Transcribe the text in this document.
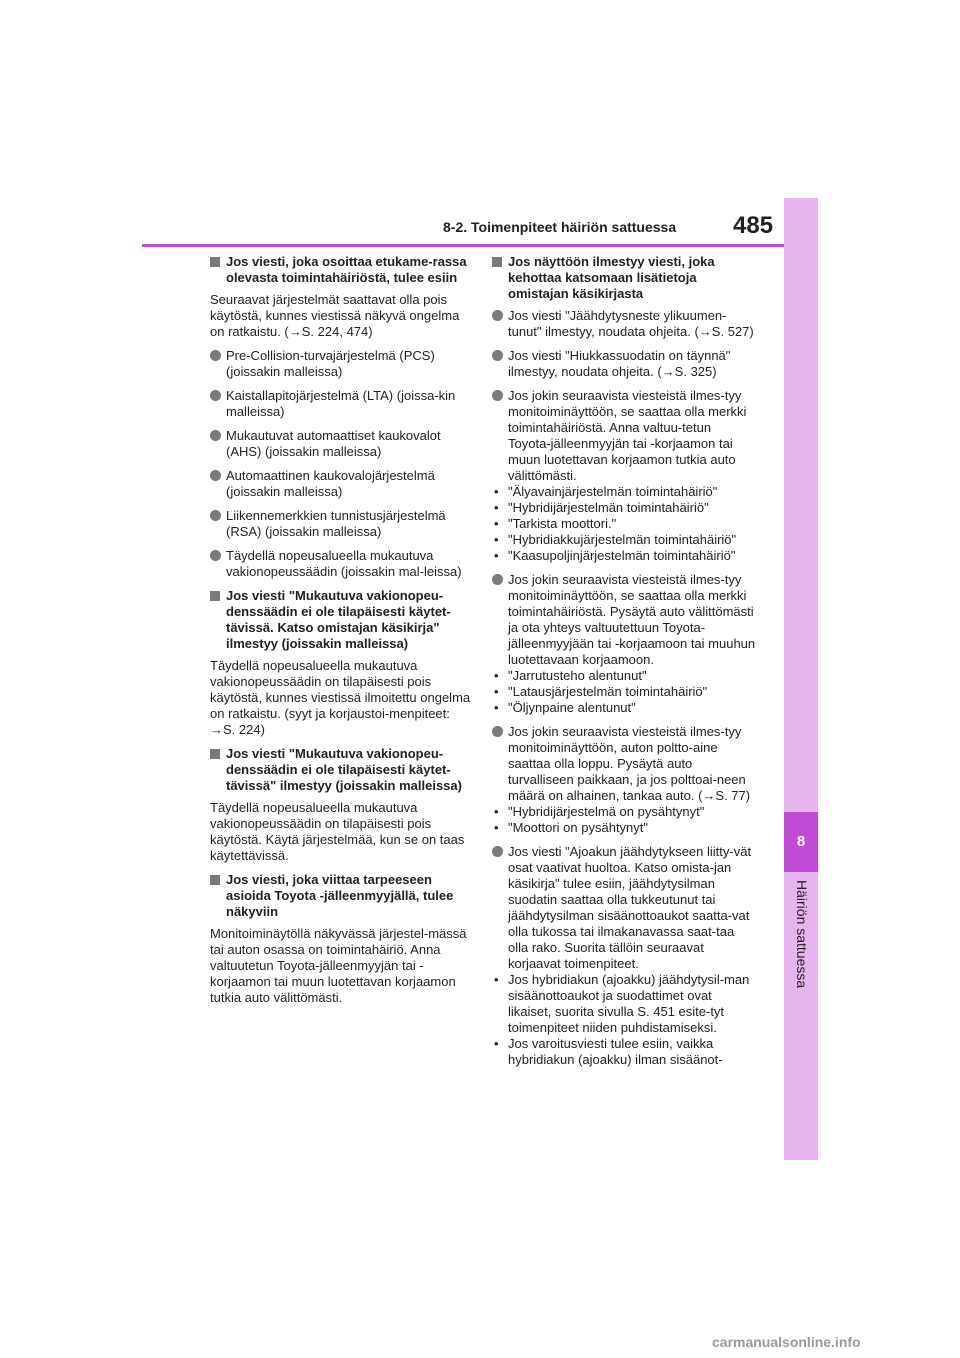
8
Häiriön sattuessa
8-2. Toimenpiteet häiriön sattuessa 485
Jos viesti, joka osoittaa etukame-rassa olevasta toimintahäiriöstä, tulee esiin
Seuraavat järjestelmät saattavat olla pois käytöstä, kunnes viestissä näkyvä ongelma on ratkaistu. (→S. 224, 474)
Pre-Collision-turvajärjestelmä (PCS) (joissakin malleissa)
Kaistallapitojärjestelmä (LTA) (joissa-kin malleissa)
Mukautuvat automaattiset kaukovalot (AHS) (joissakin malleissa)
Automaattinen kaukovalojärjestelmä (joissakin malleissa)
Liikennemerkkien tunnistusjärjestelmä (RSA) (joissakin malleissa)
Täydellä nopeusalueella mukautuva vakionopeussäädin (joissakin mal-leissa)
Jos viesti "Mukautuva vakionopeu-denssäädin ei ole tilapäisesti käytet-tävissä. Katso omistajan käsikirja" ilmestyy (joissakin malleissa)
Täydellä nopeusalueella mukautuva vakionopeussäädin on tilapäisesti pois käytöstä, kunnes viestissä ilmoitettu ongelma on ratkaistu. (syyt ja korjaustoi-menpiteet: →S. 224)
Jos viesti "Mukautuva vakionopeu-denssäädin ei ole tilapäisesti käytet-tävissä" ilmestyy (joissakin malleissa)
Täydellä nopeusalueella mukautuva vakionopeussäädin on tilapäisesti pois käytöstä. Käytä järjestelmää, kun se on taas käytettävissä.
Jos viesti, joka viittaa tarpeeseen asioida Toyota -jälleenmyyjällä, tulee näkyviin
Monitoiminäytöllä näkyvässä järjestel-mässä tai auton osassa on toimintahäiriö. Anna valtuutetun Toyota-jälleenmyyjän tai -korjaamon tai muun luotettavan korjaamon tutkia auto välittömästi.
Jos näyttöön ilmestyy viesti, joka kehottaa katsomaan lisätietoja omistajan käsikirjasta
Jos viesti "Jäähdytysneste ylikuumen-tunut" ilmestyy, noudata ohjeita. (→S. 527)
Jos viesti "Hiukkassuodatin on täynnä" ilmestyy, noudata ohjeita. (→S. 325)
Jos jokin seuraavista viesteistä ilmes-tyy monitoiminäyttöön, se saattaa olla merkki toimintahäiriöstä. Anna valtuu-tetun Toyota-jälleenmyyjän tai -korjaamon tai muun luotettavan korjaamon tutkia auto välittömästi.
• "Älyavainjärjestelmän toimintahäiriö"
• "Hybridijärjestelmän toimintahäiriö"
• "Tarkista moottori."
• "Hybridiakkujärjestelmän toimintahäiriö"
• "Kaasupoljinjärjestelmän toimintahäiriö"
Jos jokin seuraavista viesteistä ilmes-tyy monitoiminäyttöön, se saattaa olla merkki toimintahäiriöstä. Pysäytä auto välittömästi ja ota yhteys valtuutettuun Toyota-jälleenmyyjään tai -korjaamoon tai muuhun luotettavaan korjaamoon.
• "Jarrutusteho alentunut"
• "Latausjärjestelmän toimintahäiriö"
• "Öljynpaine alentunut"
Jos jokin seuraavista viesteistä ilmes-tyy monitoiminäyttöön, auton poltto-aine saattaa olla loppu. Pysäytä auto turvalliseen paikkaan, ja jos polttoai-neen määrä on alhainen, tankaa auto. (→S. 77)
• "Hybridijärjestelmä on pysähtynyt"
• "Moottori on pysähtynyt"
Jos viesti "Ajoakun jäähdytykseen liitty-vät osat vaativat huoltoa. Katso omista-jan käsikirja" tulee esiin, jäähdytysilman suodatin saattaa olla tukkeutunut tai jäähdytysilman sisäänottoaukot saatta-vat olla tukossa tai ilmakanavassa saat-taa olla rako. Suorita tällöin seuraavat korjaavat toimenpiteet.
• Jos hybridiakun (ajoakku) jäähdytysil-man sisäänottoaukot ja suodattimet ovat likaiset, suorita sivulla S. 451 esite-tyt toimenpiteet niiden puhdistamiseksi.
• Jos varoitusviesti tulee esiin, vaikka hybridiakun (ajoakku) ilman sisäänot-
carmanualsonline.info
